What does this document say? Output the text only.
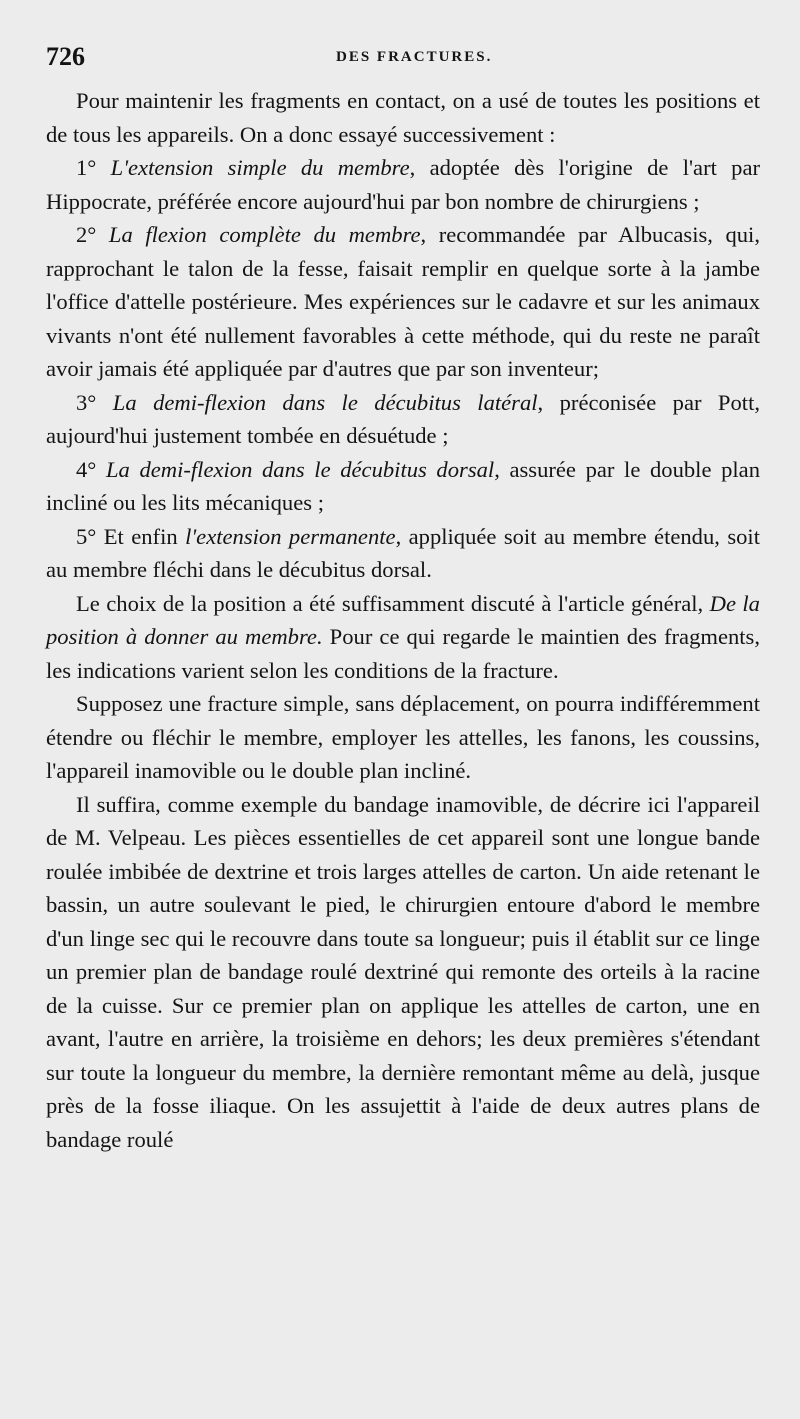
726	DES FRACTURES.

Pour maintenir les fragments en contact, on a usé de toutes les positions et de tous les appareils. On a donc essayé successivement :

1° L'extension simple du membre, adoptée dès l'origine de l'art par Hippocrate, préférée encore aujourd'hui par bon nombre de chirurgiens ;

2° La flexion complète du membre, recommandée par Albucasis, qui, rapprochant le talon de la fesse, faisait remplir en quelque sorte à la jambe l'office d'attelle postérieure. Mes expériences sur le cadavre et sur les animaux vivants n'ont été nullement favorables à cette méthode, qui du reste ne paraît avoir jamais été appliquée par d'autres que par son inventeur;

3° La demi-flexion dans le décubitus latéral, préconisée par Pott, aujourd'hui justement tombée en désuétude ;

4° La demi-flexion dans le décubitus dorsal, assurée par le double plan incliné ou les lits mécaniques ;

5° Et enfin l'extension permanente, appliquée soit au membre étendu, soit au membre fléchi dans le décubitus dorsal.

Le choix de la position a été suffisamment discuté à l'article général, De la position à donner au membre. Pour ce qui regarde le maintien des fragments, les indications varient selon les conditions de la fracture.

Supposez une fracture simple, sans déplacement, on pourra indifféremment étendre ou fléchir le membre, employer les attelles, les fanons, les coussins, l'appareil inamovible ou le double plan incliné.

Il suffira, comme exemple du bandage inamovible, de décrire ici l'appareil de M. Velpeau. Les pièces essentielles de cet appareil sont une longue bande roulée imbibée de dextrine et trois larges attelles de carton. Un aide retenant le bassin, un autre soulevant le pied, le chirurgien entoure d'abord le membre d'un linge sec qui le recouvre dans toute sa longueur; puis il établit sur ce linge un premier plan de bandage roulé dextriné qui remonte des orteils à la racine de la cuisse. Sur ce premier plan on applique les attelles de carton, une en avant, l'autre en arrière, la troisième en dehors; les deux premières s'étendant sur toute la longueur du membre, la dernière remontant même au delà, jusque près de la fosse iliaque. On les assujettit à l'aide de deux autres plans de bandage roulé
